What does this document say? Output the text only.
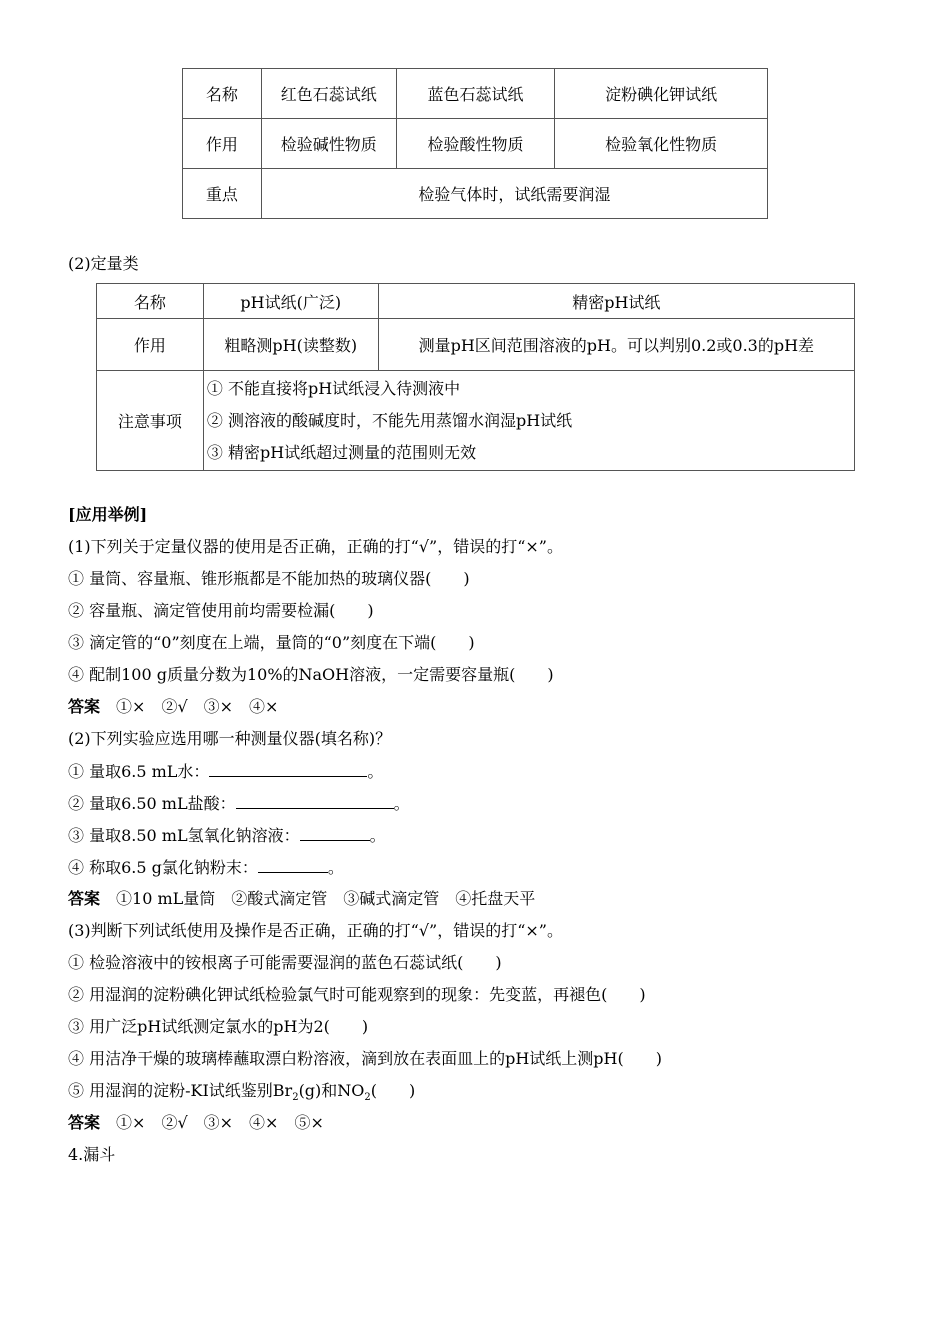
名称	红色石蕊试纸	蓝色石蕊试纸	淀粉碘化钾试纸
作用	检验碱性物质	检验酸性物质	检验氧化性物质
重点	检验气体时，试纸需要润湿		
(2)定量类
名称	pH试纸(广泛)	精密pH试纸
作用	粗略测pH(读整数)	测量pH区间范围溶液的pH。可以判别0.2或0.3的pH差
注意事项	① 不能直接将pH试纸浸入待测液中
② 测溶液的酸碱度时，不能先用蒸馏水润湿pH试纸
③ 精密pH试纸超过测量的范围则无效	
[应用举例]
(1)下列关于定量仪器的使用是否正确，正确的打“√”，错误的打“×”。
① 量筒、容量瓶、锥形瓶都是不能加热的玻璃仪器(　　)
② 容量瓶、滴定管使用前均需要检漏(　　)
③ 滴定管的“0”刻度在上端，量筒的“0”刻度在下端(　　)
④ 配制100 g质量分数为10%的NaOH溶液，一定需要容量瓶(　　)
答案　 ①×　②√　③×　④×
(2)下列实验应选用哪一种测量仪器(填名称)？
① 量取6.5 mL水：	。
② 量取6.50 mL盐酸：	。
③ 量取8.50 mL氢氧化钠溶液：	。
④ 称取6.5 g氯化钠粉末：	。
答案　 ①10 mL量筒　②酸式滴定管　③碱式滴定管　④托盘天平
(3)判断下列试纸使用及操作是否正确，正确的打“√”，错误的打“×”。
① 检验溶液中的铵根离子可能需要湿润的蓝色石蕊试纸(　　)
② 用湿润的淀粉碘化钾试纸检验氯气时可能观察到的现象：先变蓝，再褪色(　　)
③ 用广泛pH试纸测定氯水的pH为2(　　)
④ 用洁净干燥的玻璃棒蘸取漂白粉溶液，滴到放在表面皿上的pH试纸上测pH(　　)
⑤ 用湿润的淀粉-KI试纸鉴别$Br_2(g)$和$NO_2$(　　)
答案　 ①×　②√　③×　④×　⑤×
4.漏斗
